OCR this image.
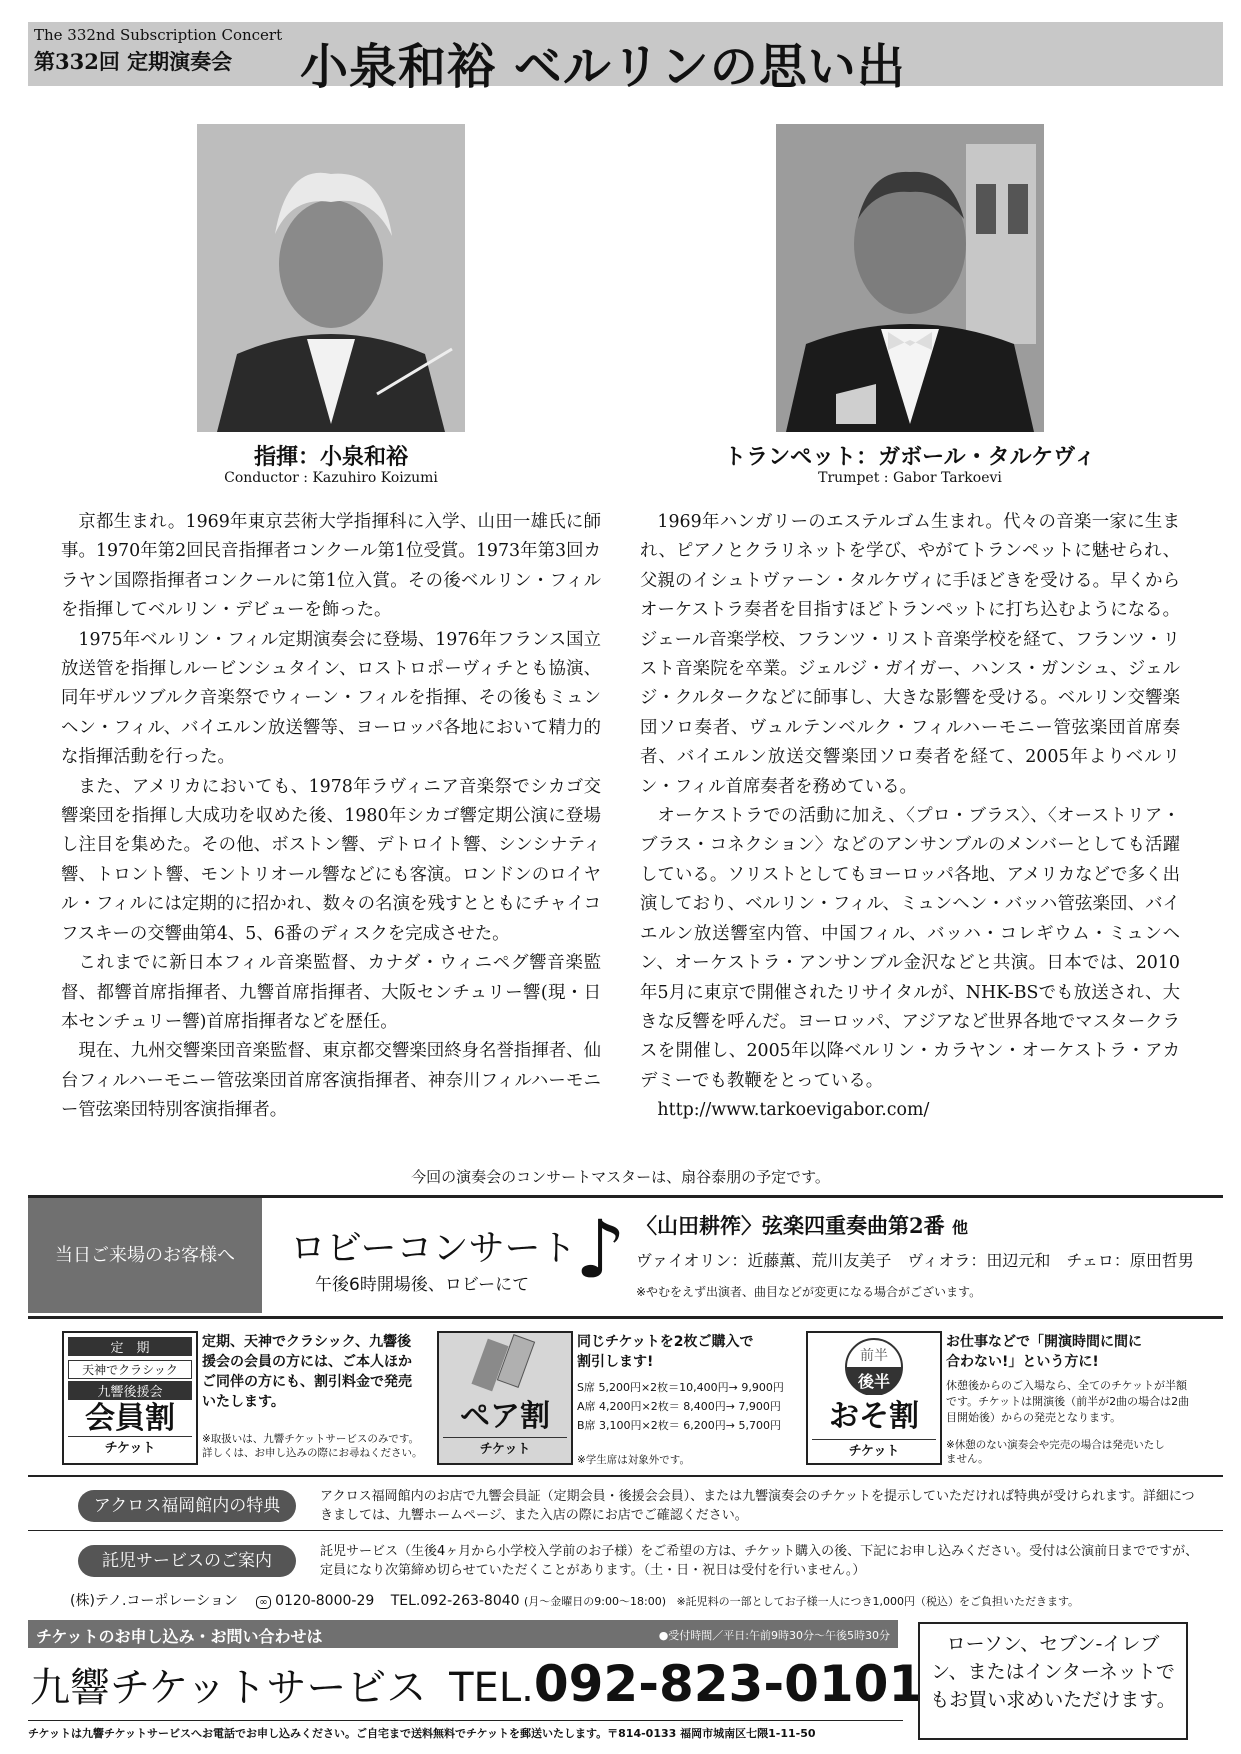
The 332nd Subscription Concert
第332回 定期演奏会 小泉和裕 ベルリンの思い出
指揮：小泉和裕
Conductor : Kazuhiro Koizumi
トランペット：ガボール・タルケヴィ
Trumpet : Gabor Tarkoevi

京都生まれ。1969年東京芸術大学指揮科に入学、山田一雄氏に師事。1970年第2回民音指揮者コンクール第1位受賞。1973年第3回カラヤン国際指揮者コンクールに第1位入賞。その後ベルリン・フィルを指揮してベルリン・デビューを飾った。

1975年ベルリン・フィル定期演奏会に登場、1976年フランス国立放送管を指揮しルービンシュタイン、ロストロポーヴィチとも協演、同年ザルツブルク音楽祭でウィーン・フィルを指揮、その後もミュンヘン・フィル、バイエルン放送響等、ヨーロッパ各地において精力的な指揮活動を行った。

また、アメリカにおいても、1978年ラヴィニア音楽祭でシカゴ交響楽団を指揮し大成功を収めた後、1980年シカゴ響定期公演に登場し注目を集めた。その他、ボストン響、デトロイト響、シンシナティ響、トロント響、モントリオール響などにも客演。ロンドンのロイヤル・フィルには定期的に招かれ、数々の名演を残すとともにチャイコフスキーの交響曲第4、5、6番のディスクを完成させた。

これまでに新日本フィル音楽監督、カナダ・ウィニペグ響音楽監督、都響首席指揮者、九響首席指揮者、大阪センチュリー響(現・日本センチュリー響)首席指揮者などを歴任。

現在、九州交響楽団音楽監督、東京都交響楽団終身名誉指揮者、仙台フィルハーモニー管弦楽団首席客演指揮者、神奈川フィルハーモニー管弦楽団特別客演指揮者。

1969年ハンガリーのエステルゴム生まれ。代々の音楽一家に生まれ、ピアノとクラリネットを学び、やがてトランペットに魅せられ、父親のイシュトヴァーン・タルケヴィに手ほどきを受ける。早くからオーケストラ奏者を目指すほどトランペットに打ち込むようになる。ジェール音楽学校、フランツ・リスト音楽学校を経て、フランツ・リスト音楽院を卒業。ジェルジ・ガイガー、ハンス・ガンシュ、ジェルジ・クルタークなどに師事し、大きな影響を受ける。ベルリン交響楽団ソロ奏者、ヴュルテンベルク・フィルハーモニー管弦楽団首席奏者、バイエルン放送交響楽団ソロ奏者を経て、2005年よりベルリン・フィル首席奏者を務めている。

オーケストラでの活動に加え、〈プロ・ブラス〉、〈オーストリア・ブラス・コネクション〉などのアンサンブルのメンバーとしても活躍している。ソリストとしてもヨーロッパ各地、アメリカなどで多く出演しており、ベルリン・フィル、ミュンヘン・バッハ管弦楽団、バイエルン放送響室内管、中国フィル、バッハ・コレギウム・ミュンヘン、オーケストラ・アンサンブル金沢などと共演。日本では、2010年5月に東京で開催されたリサイタルが、NHK-BSでも放送され、大きな反響を呼んだ。ヨーロッパ、アジアなど世界各地でマスタークラスを開催し、2005年以降ベルリン・カラヤン・オーケストラ・アカデミーでも教鞭をとっている。

http://www.tarkoevigabor.com/

今回の演奏会のコンサートマスターは、扇谷泰朋の予定です。
当日ご来場のお客様へ	ロビーコンサート
午後6時開場後、ロビーにて ♪ 〈山田耕筰〉弦楽四重奏曲第2番 他
ヴァイオリン：近藤薫、荒川友美子　ヴィオラ：田辺元和　チェロ：原田哲男
※やむをえず出演者、曲目などが変更になる場合がございます。
定　期
天神でクラシック
九響後援会
会員割
チケット
定期、天神でクラシック、九響後援会の会員の方には、ご本人ほかご同伴の方にも、割引料金で発売いたします。
※取扱いは、九響チケットサービスのみです。詳しくは、お申し込みの際にお尋ねください。
ペア割
チケット
同じチケットを2枚ご購入で割引します!
S席 5,200円×2枚＝10,400円→ 9,900円
A席 4,200円×2枚＝ 8,400円→ 7,900円
B席 3,100円×2枚＝ 6,200円→ 5,700円
※学生席は対象外です。
前半
後半
おそ割
チケット
お仕事などで「開演時間に間に合わない!」という方に!
休憩後からのご入場なら、全てのチケットが半額です。チケットは開演後（前半が2曲の場合は2曲目開始後）からの発売となります。
※休憩のない演奏会や完売の場合は発売いたしません。
アクロス福岡館内の特典	アクロス福岡館内のお店で九響会員証（定期会員・後援会会員）、または九響演奏会のチケットを提示していただければ特典が受けられます。詳細につきましては、九響ホームページ、また入店の際にお店でご確認ください。
託児サービスのご案内	託児サービス（生後4ヶ月から小学校入学前のお子様）をご希望の方は、チケット購入の後、下記にお申し込みください。受付は公演前日までですが、定員になり次第締め切らせていただくことがあります。（土・日・祝日は受付を行いません。）
(株)テノ.コーポレーション ∞ 0120-8000-29 TEL.092-263-8040 (月～金曜日の9:00～18:00) ※託児料の一部としてお子様一人につき1,000円（税込）をご負担いただきます。
チケットのお申し込み・お問い合わせは	●受付時間／平日:午前9時30分～午後5時30分
九響チケットサービス TEL.092-823-0101
チケットは九響チケットサービスへお電話でお申し込みください。ご自宅まで送料無料でチケットを郵送いたします。〒814-0133 福岡市城南区七隈1-11-50
ローソン、セブン-イレブン、またはインターネットでもお買い求めいただけます。
